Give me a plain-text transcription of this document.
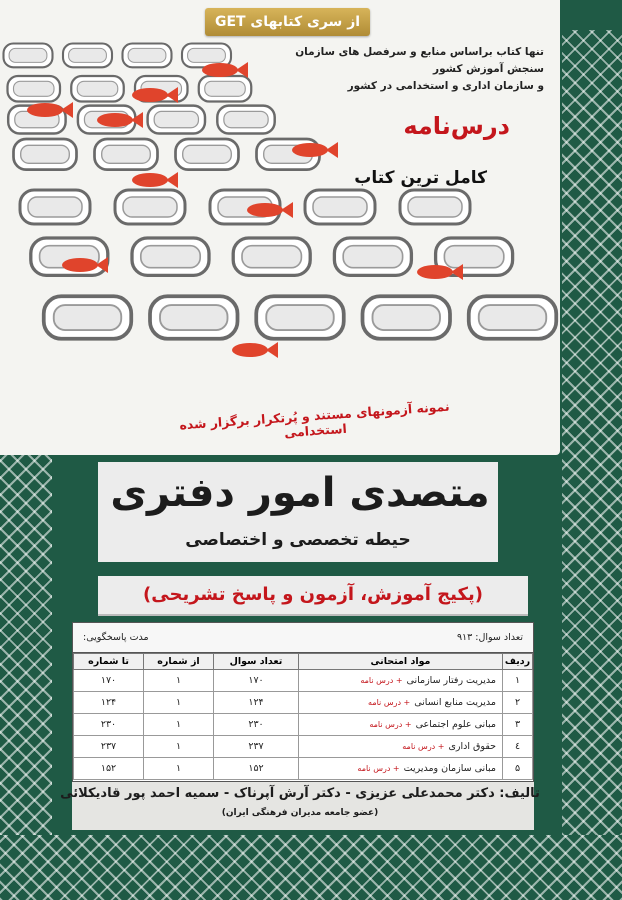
از سری کتابهای GET
تنها کتاب براساس منابع و سرفصل های سازمان سنجش آموزش کشور
و سازمان اداری و استخدامی در کشور
درس‌نامه
کامل ترین کتاب
نمونه آزمونهای مستند و پُرتکرار برگزار شده استخدامی
متصدی امور دفتری
حیطه تخصصی و اختصاصی
(پکیج آموزش، آزمون و پاسخ تشریحی)
تعداد سوال: ۹۱۳
مدت پاسخگویی:
ردیف	مواد امتحانی	تعداد سوال	از شماره	تا شماره
۱	مدیریت رفتار سازمانی+ درس نامه	۱۷۰	۱	۱۷۰
۲	مدیریت منابع انسانی+ درس نامه	۱۲۴	۱	۱۲۴
۳	مبانی علوم اجتماعی+ درس نامه	۲۳۰	۱	۲۳۰
٤	حقوق اداری+ درس نامه	۲۳۷	۱	۲۳۷
۵	مبانی سازمان ومدیریت+ درس نامه	۱۵۲	۱	۱۵۲
تالیف: دکتر محمدعلی عزیزی - دکتر آرش آپرناک - سمیه احمد پور قادیکلائی
(عضو جامعه مدیران فرهنگی ایران)
